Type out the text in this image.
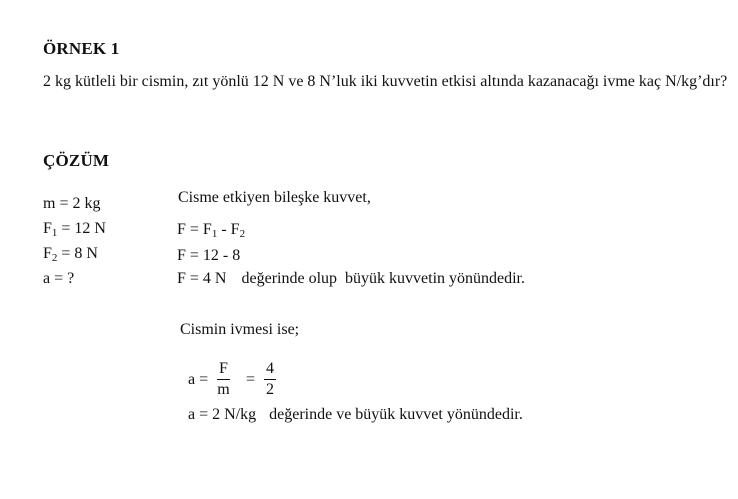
ÖRNEK 1
2 kg kütleli bir cismin, zıt yönlü 12 N ve 8 N’luk iki kuvvetin etkisi altında kazanacağı ivme kaç N/kg’dır?
ÇÖZÜM
m = 2 kg
$F_1 = 12$ N
$F_2 = 8$ N
a = ?
Cisme etkiyen bileşke kuvvet,
$F = F_1 - F_2$
F = 12 - 8
F = 4 N değerinde olup büyük kuvvetin yönündedir.
Cismin ivmesi ise;
$a = \frac{F}{m} = \frac{4}{2}$
a = 2 N/kg değerinde ve büyük kuvvet yönündedir.
